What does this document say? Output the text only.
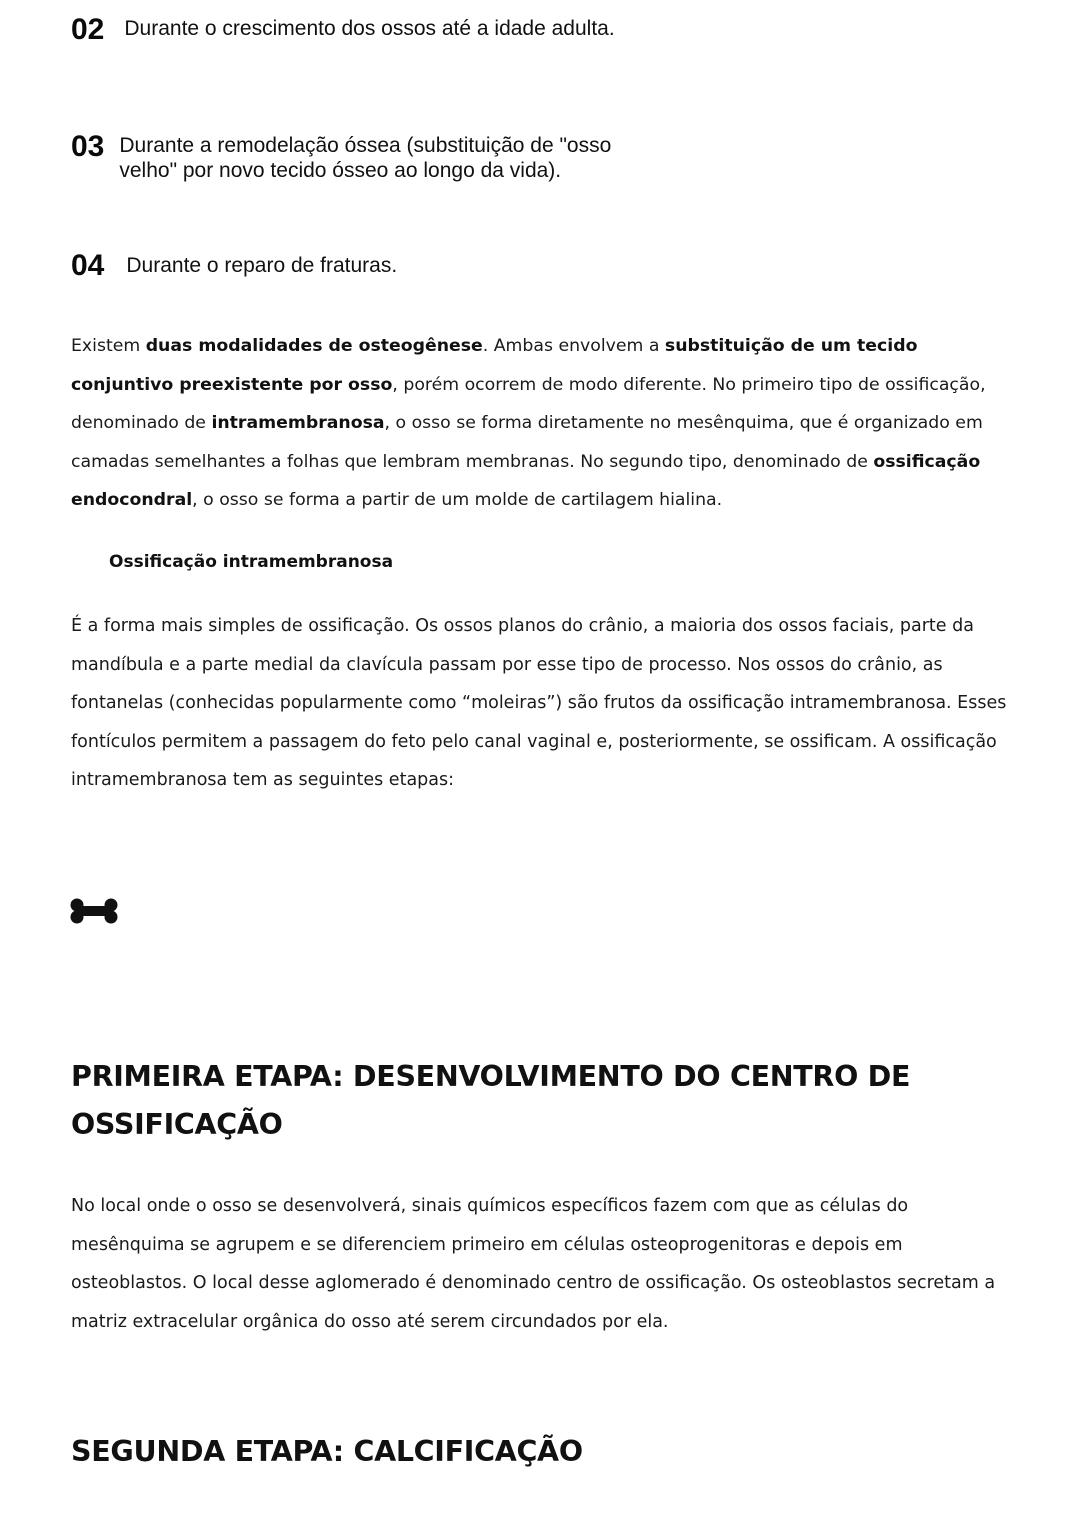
02 Durante o crescimento dos ossos até a idade adulta.
03 Durante a remodelação óssea (substituição de "osso velho" por novo tecido ósseo ao longo da vida).
04 Durante o reparo de fraturas.

Existem duas modalidades de osteogênese. Ambas envolvem a substituição de um tecido conjuntivo preexistente por osso, porém ocorrem de modo diferente. No primeiro tipo de ossificação, denominado de intramembranosa, o osso se forma diretamente no mesênquima, que é organizado em camadas semelhantes a folhas que lembram membranas. No segundo tipo, denominado de ossificação endocondral, o osso se forma a partir de um molde de cartilagem hialina.

Ossificação intramembranosa

É a forma mais simples de ossificação. Os ossos planos do crânio, a maioria dos ossos faciais, parte da mandíbula e a parte medial da clavícula passam por esse tipo de processo. Nos ossos do crânio, as fontanelas (conhecidas popularmente como “moleiras”) são frutos da ossificação intramembranosa. Esses fontículos permitem a passagem do feto pelo canal vaginal e, posteriormente, se ossificam. A ossificação intramembranosa tem as seguintes etapas:

PRIMEIRA ETAPA: DESENVOLVIMENTO DO CENTRO DE OSSIFICAÇÃO

No local onde o osso se desenvolverá, sinais químicos específicos fazem com que as células do mesênquima se agrupem e se diferenciem primeiro em células osteoprogenitoras e depois em osteoblastos. O local desse aglomerado é denominado centro de ossificação. Os osteoblastos secretam a matriz extracelular orgânica do osso até serem circundados por ela.

SEGUNDA ETAPA: CALCIFICAÇÃO
